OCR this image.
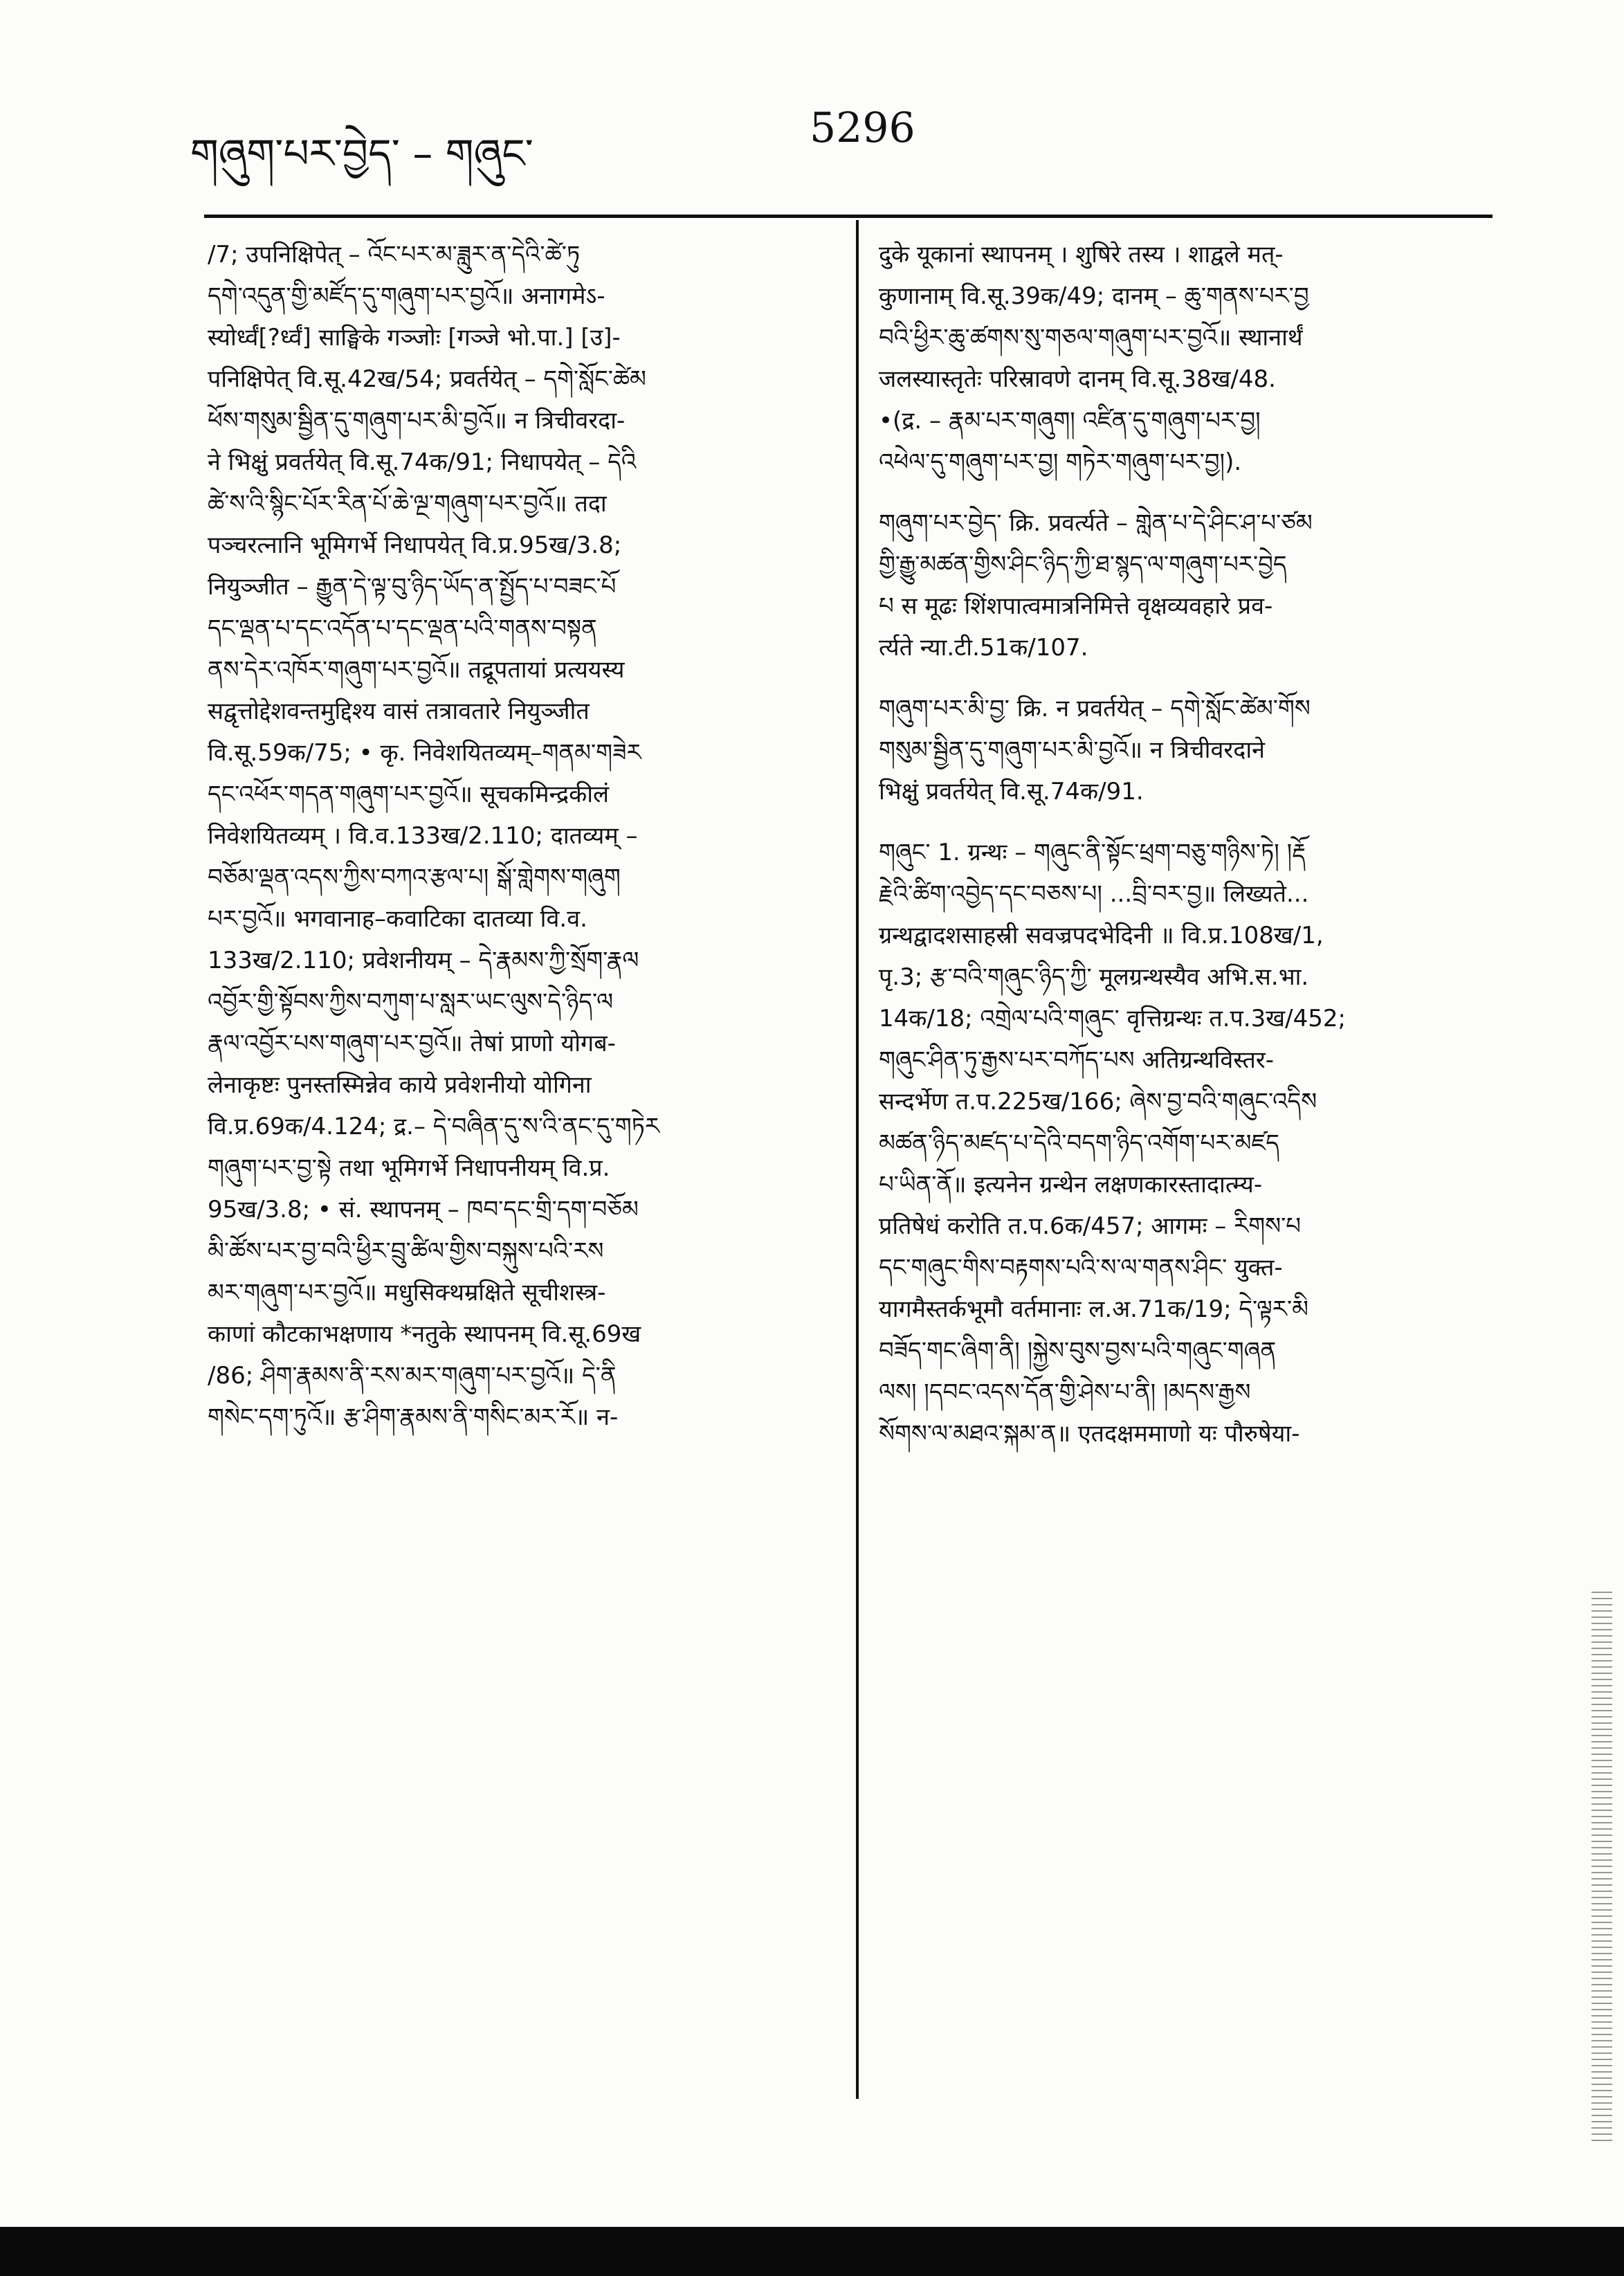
གཞུག་པར་བྱེད་ – གཞུང་
5296
/7; उपनिक्षिपेत् – འོང་པར་མ་ཟླུར་ན་དེའི་ཚེ་ཏུ
དགེ་འདུན་གྱི་མཛོད་དུ་གཞུག་པར་བྱའོ॥ अनागमेऽ-
स्योर्ध्वं[?र्ध्वं] साङ्घिके गञ्जोः [गञ्जे भो.पा.] [उ]-
पनिक्षिपेत् वि.सू.42ख/54; प्रवर्तयेत् – དགེ་སློང་ཚེམ
ཕོས་གསུམ་སྦྱིན་དུ་གཞུག་པར་མི་བྱའོ॥ न त्रिचीवरदा-
ने भिक्षुं प्रवर्तयेत् वि.सू.74क/91; निधापयेत् – དེའི
ཚེ་ས་འི་སྙིང་པོར་རིན་པོ་ཆེ་ལྔ་གཞུག་པར་བྱའོ॥ तदा
पञ्चरत्नानि भूमिगर्भे निधापयेत् वि.प्र.95ख/3.8;
नियुञ्जीत – རྒྱུན་དེ་ལྟ་བུ་ཉིད་ཡོད་ན་སྤྱོད་པ་བཟང་པོ
དང་ལྡན་པ་དང་འདོན་པ་དང་ལྡན་པའི་གནས་བསྟན
ནས་དེར་འཁོར་གཞུག་པར་བྱའོ॥ तद्रूपतायां प्रत्ययस्य
सद्वृत्तोद्देशवन्तमुद्दिश्य वासं तत्रावतारे नियुञ्जीत
वि.सू.59क/75; • कृ. निवेशयितव्यम्–གནམ་གཟེར
དང་འཕོར་གདན་གཞུག་པར་བྱའོ॥ सूचकमिन्द्रकीलं
निवेशयितव्यम् । वि.व.133ख/2.110; दातव्यम् –
བཅོམ་ལྡན་འདས་ཀྱིས་བཀའ་རྩལ་པ། སྒོ་གླེགས་གཞུག
པར་བྱའོ॥ भगवानाह–कवाटिका दातव्या वि.व.
133ख/2.110; प्रवेशनीयम् – དེ་རྣམས་ཀྱི་སྲོག་རྣལ
འབྱོར་གྱི་སྟོབས་ཀྱིས་བཀུག་པ་སླར་ཡང་ལུས་དེ་ཉིད་ལ
རྣལ་འབྱོར་པས་གཞུག་པར་བྱའོ॥ तेषां प्राणो योगब-
लेनाकृष्टः पुनस्तस्मिन्नेव काये प्रवेशनीयो योगिना
वि.प्र.69क/4.124; द्र.– དེ་བཞིན་དུ་ས་འི་ནང་དུ་གཏེར
གཞུག་པར་བྱ་སྟེ तथा भूमिगर्भे निधापनीयम् वि.प्र.
95ख/3.8; • सं. स्थापनम् – ཁབ་དང་གྲི་དག་བཅོམ
མི་ཚོས་པར་བྱ་བའི་ཕྱིར་བྲུ་ཚིལ་གྱིས་བསྐུས་པའི་རས
མར་གཞུག་པར་བྱའོ॥ मधुसिक्थम्रक्षिते सूचीशस्त्र-
काणां कौटकाभक्षणाय *नतुके स्थापनम् वि.सू.69ख
/86; ཤིག་རྣམས་ནི་རས་མར་གཞུག་པར་བྱའོ॥ དེ་ནི
གསེང་དག་ཏུའོ॥ རྩ་ཤིག་རྣམས་ནི་གསིང་མར་རོ॥ न-
दुके यूकानां स्थापनम् । शुषिरे तस्य । शाद्वले मत्-
कुणानाम् वि.सू.39क/49; दानम् – ཆུ་གནས་པར་བྱ
བའི་ཕྱིར་ཆུ་ཚགས་སུ་གཅལ་གཞུག་པར་བྱའོ॥ स्थानार्थं
जलस्यास्तृतेः परिस्रावणे दानम् वि.सू.38ख/48.
•(द्र. – རྣམ་པར་གཞུག། འཛིན་དུ་གཞུག་པར་བྱ།
འཕེལ་དུ་གཞུག་པར་བྱ། གཏེར་གཞུག་པར་བྱ།).
གཞུག་པར་བྱེད་ क्रि. प्रवर्त्यते – གླེན་པ་དེ་ཤིང་ཤ་པ་ཙམ
གྱི་རྒྱུ་མཚན་གྱིས་ཤིང་ཉིད་ཀྱི་ཐ་སྙད་ལ་གཞུག་པར་བྱེད
པ स मूढः शिंशपात्वमात्रनिमित्ते वृक्षव्यवहारे प्रव-
र्त्यते न्या.टी.51क/107.
གཞུག་པར་མི་བྱ་ क्रि. न प्रवर्तयेत् – དགེ་སློང་ཚེམ་གོས
གསུམ་སྦྱིན་དུ་གཞུག་པར་མི་བྱའོ॥ न त्रिचीवरदाने
भिक्षुं प्रवर्तयेत् वि.सू.74क/91.
གཞུང་ 1. ग्रन्थः – གཞུང་ནི་སྟོང་ཕྲག་བཅུ་གཉིས་ཏེ། །རྡོ
རྗེའི་ཚིག་འབྱེད་དང་བཅས་པ། ...བྲི་བར་བྱ॥ लिख्यते...
ग्रन्थद्वादशसाहस्री सवज्रपदभेदिनी ॥ वि.प्र.108ख/1,
पृ.3; རྩ་བའི་གཞུང་ཉིད་ཀྱི་ मूलग्रन्थस्यैव अभि.स.भा.
14क/18; འགྲེལ་པའི་གཞུང་ वृत्तिग्रन्थः त.प.3ख/452;
གཞུང་ཤིན་ཏུ་རྒྱས་པར་བཀོད་པས अतिग्रन्थविस्तर-
सन्दर्भेण त.प.225ख/166; ཞེས་བྱ་བའི་གཞུང་འདིས
མཚན་ཉིད་མཛད་པ་དེའི་བདག་ཉིད་འགོག་པར་མཛད
པ་ཡིན་ནོ॥ इत्यनेन ग्रन्थेन लक्षणकारस्तादात्म्य-
प्रतिषेधं करोति त.प.6क/457; आगमः – རིགས་པ
དང་གཞུང་གིས་བརྟགས་པའི་ས་ལ་གནས་ཤིང་ युक्त-
यागमैस्तर्कभूमौ वर्तमानाः ल.अ.71क/19; དེ་ལྟར་མི
བཟོད་གང་ཞིག་ནི། །སྐྱེས་བུས་བྱས་པའི་གཞུང་གཞན
ལས། །དབང་འདས་དོན་གྱི་ཤེས་པ་ནི། །མདས་རྒྱས
སོགས་ལ་མཐའ་སྐམ་ན॥ एतदक्षममाणो यः पौरुषेया-
